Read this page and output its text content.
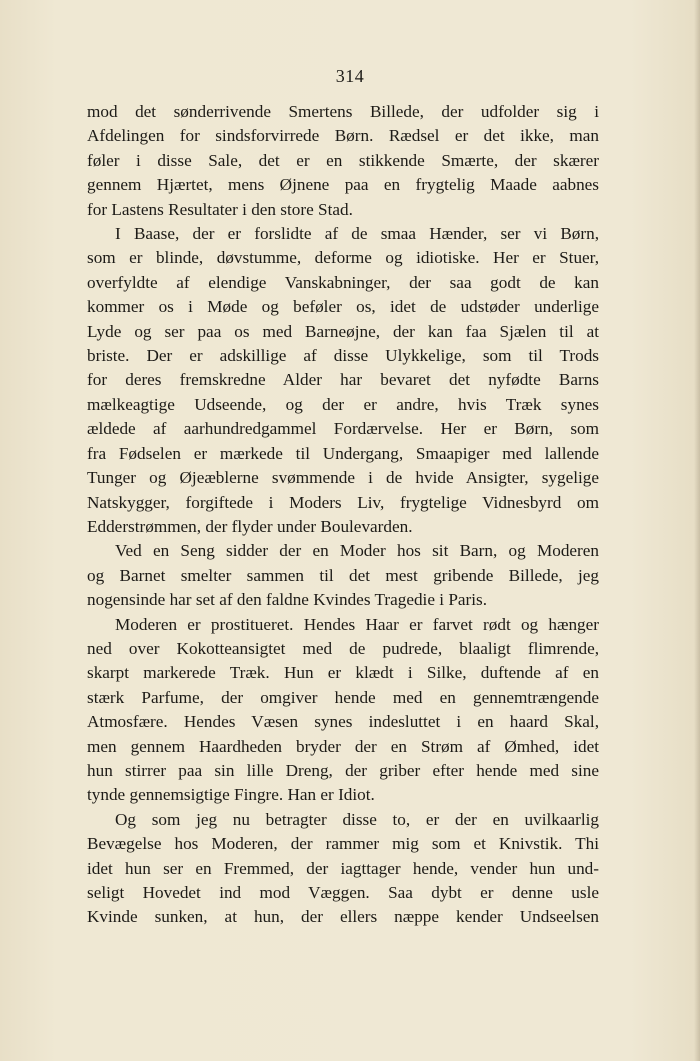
314

mod det sønderrivende Smertens Billede, der udfolder sig i

Afdelingen for sindsforvirrede Børn. Rædsel er det ikke, man

føler i disse Sale, det er en stikkende Smærte, der skærer

gennem Hjærtet, mens Øjnene paa en frygtelig Maade aabnes

for Lastens Resultater i den store Stad.

I Baase, der er forslidte af de smaa Hænder, ser vi Børn,

som er blinde, døvstumme, deforme og idiotiske. Her er Stuer,

overfyldte af elendige Vanskabninger, der saa godt de kan

kommer os i Møde og beføler os, idet de udstøder underlige

Lyde og ser paa os med Barneøjne, der kan faa Sjælen til at

briste. Der er adskillige af disse Ulykkelige, som til Trods

for deres fremskredne Alder har bevaret det nyfødte Barns

mælkeagtige Udseende, og der er andre, hvis Træk synes

ældede af aarhundredgammel Fordærvelse. Her er Børn, som

fra Fødselen er mærkede til Undergang, Smaapiger med lallende

Tunger og Øjeæblerne svømmende i de hvide Ansigter, sygelige

Natskygger, forgiftede i Moders Liv, frygtelige Vidnesbyrd om

Edderstrømmen, der flyder under Boulevarden.

Ved en Seng sidder der en Moder hos sit Barn, og Moderen

og Barnet smelter sammen til det mest gribende Billede, jeg

nogensinde har set af den faldne Kvindes Tragedie i Paris.

Moderen er prostitueret. Hendes Haar er farvet rødt og hænger

ned over Kokotteansigtet med de pudrede, blaaligt flimrende,

skarpt markerede Træk. Hun er klædt i Silke, duftende af en

stærk Parfume, der omgiver hende med en gennemtrængende

Atmosfære. Hendes Væsen synes indesluttet i en haard Skal,

men gennem Haardheden bryder der en Strøm af Ømhed, idet

hun stirrer paa sin lille Dreng, der griber efter hende med sine

tynde gennemsigtige Fingre. Han er Idiot.

Og som jeg nu betragter disse to, er der en uvilkaarlig

Bevægelse hos Moderen, der rammer mig som et Knivstik. Thi

idet hun ser en Fremmed, der iagttager hende, vender hun und-

seligt Hovedet ind mod Væggen. Saa dybt er denne usle

Kvinde sunken, at hun, der ellers næppe kender Undseelsen
